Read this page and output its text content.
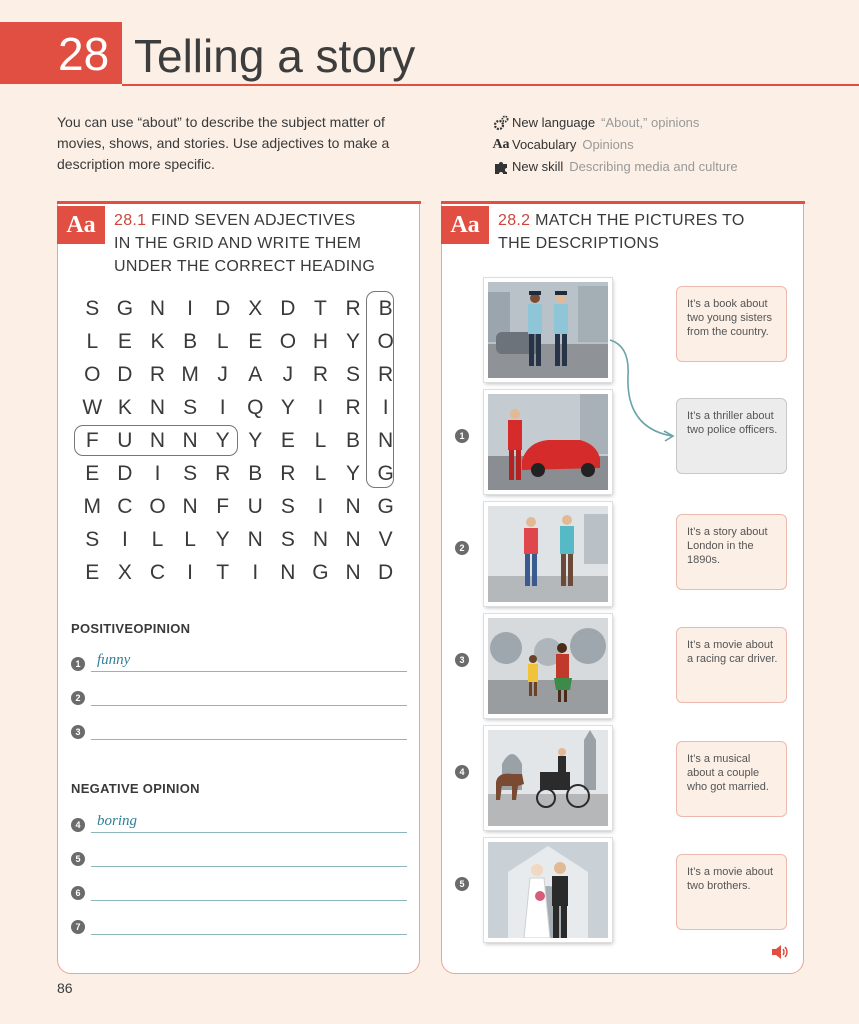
28 Telling a story
You can use “about” to describe the subject matter of movies, shows, and stories. Use adjectives to make a description more specific.
New language “About,” opinions
Aa Vocabulary Opinions
New skill Describing media and culture
Aa	28.1 FIND SEVEN ADJECTIVES
IN THE GRID AND WRITE THEM
UNDER THE CORRECT HEADING
S G N	I	D X D T R B
L E K B L E O H Y O
O D R M J A J R S R
W K N S	I	Q Y	I	R	I
F U N N Y Y E L B N
E D	I	S R B R L Y G
M C O N F U S	I	N G
S	I	L L Y N S N N V
E X C	I	T	I	N G N D
POSITIVEOPINION
1	funny
2
3
NEGATIVE OPINION
4	boring
5
6
7
Aa	28.2 MATCH THE PICTURES TO
THE DESCRIPTIONS
1
2
3
4
5
It’s a book about two young sisters from the country.
It’s a thriller about two police officers.
It’s a story about London in the 1890s.
It’s a movie about a racing car driver.
It’s a musical about a couple who got married.
It’s a movie about two brothers.
86
